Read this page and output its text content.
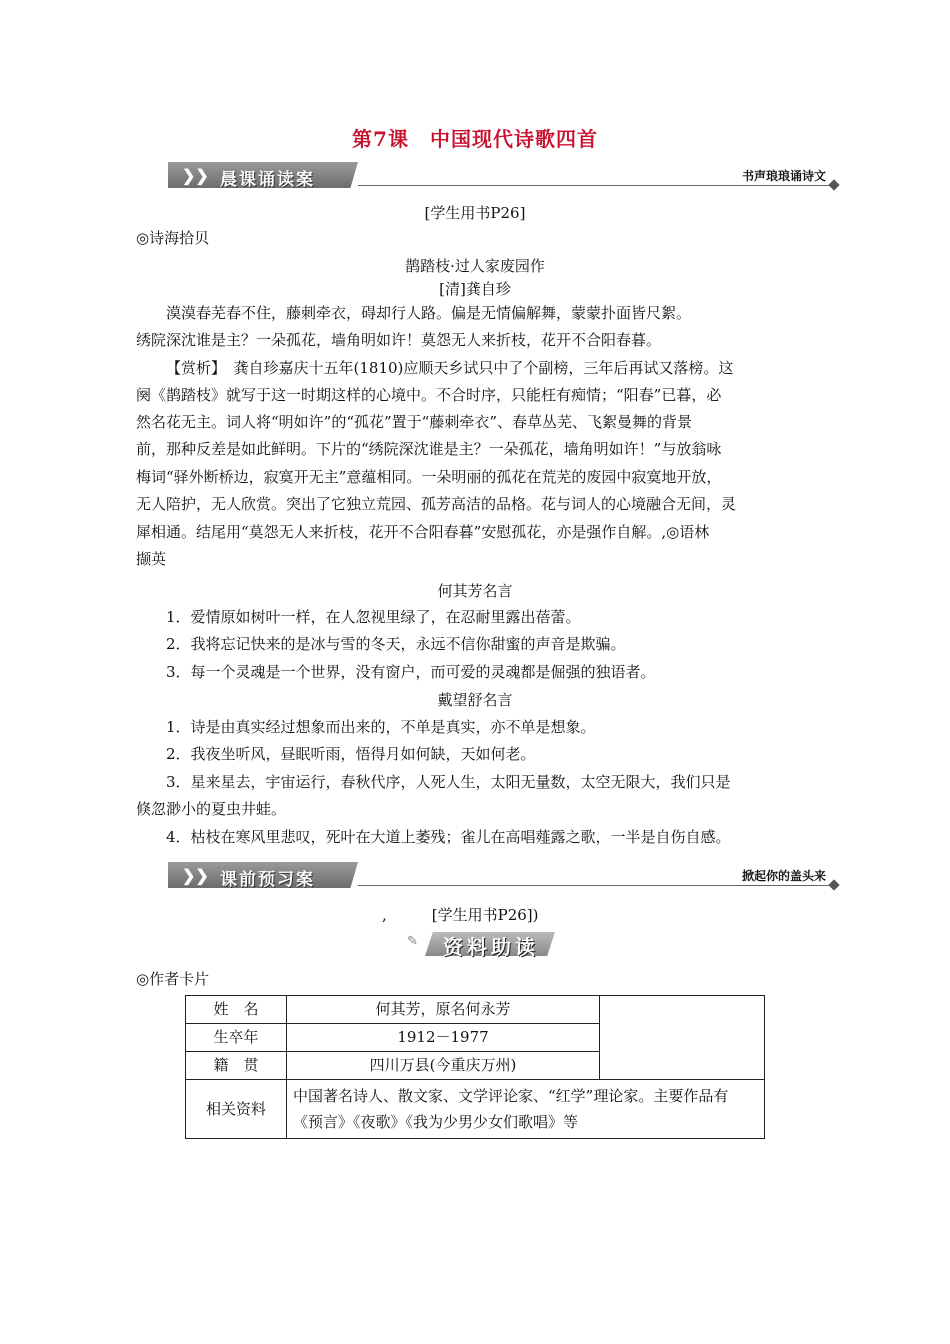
第7课　中国现代诗歌四首
❯❯ 晨课诵读案	书声琅琅诵诗文
[学生用书P26]
◎诗海拾贝
鹊踏枝·过人家废园作
[清]龚自珍
漠漠春芜春不住，藤刺牵衣，碍却行人路。偏是无情偏解舞，蒙蒙扑面皆尺絮。
绣院深沈谁是主？一朵孤花，墙角明如许！莫怨无人来折枝，花开不合阳春暮。
【赏析】　龚自珍嘉庆十五年(1810)应顺天乡试只中了个副榜，三年后再试又落榜。这
阕《鹊踏枝》就写于这一时期这样的心境中。不合时序，只能枉有痴情；“阳春”已暮，必
然名花无主。词人将“明如许”的“孤花”置于“藤刺牵衣”、春草丛芜、飞絮曼舞的背景
前，那种反差是如此鲜明。下片的“绣院深沈谁是主？一朵孤花，墙角明如许！”与放翁咏
梅词“驿外断桥边，寂寞开无主”意蕴相同。一朵明丽的孤花在荒芜的废园中寂寞地开放，
无人陪护，无人欣赏。突出了它独立荒园、孤芳高洁的品格。花与词人的心境融合无间，灵
犀相通。结尾用“莫怨无人来折枝，花开不合阳春暮”安慰孤花，亦是强作自解。,◎语林
撷英
何其芳名言
1．爱情原如树叶一样，在人忽视里绿了，在忍耐里露出蓓蕾。
2．我将忘记快来的是冰与雪的冬天，永远不信你甜蜜的声音是欺骗。
3．每一个灵魂是一个世界，没有窗户，而可爱的灵魂都是倔强的独语者。
戴望舒名言
1．诗是由真实经过想象而出来的，不单是真实，亦不单是想象。
2．我夜坐听风，昼眠听雨，悟得月如何缺，天如何老。
3．星来星去，宇宙运行，春秋代序，人死人生，太阳无量数，太空无限大，我们只是
倏忽渺小的夏虫井蛙。
4．枯枝在寒风里悲叹，死叶在大道上萎残；雀儿在高唱薤露之歌，一半是自伤自感。
❯❯ 课前预习案	掀起你的盖头来
,　　　[学生用书P26])
✎ 资料助读
◎作者卡片
姓　名	何其芳，原名何永芳	
生卒年	1912－1977	
籍　贯	四川万县(今重庆万州)	
相关资料	中国著名诗人、散文家、文学评论家、“红学”理论家。主要作品有《预言》《夜歌》《我为少男少女们歌唱》等	
